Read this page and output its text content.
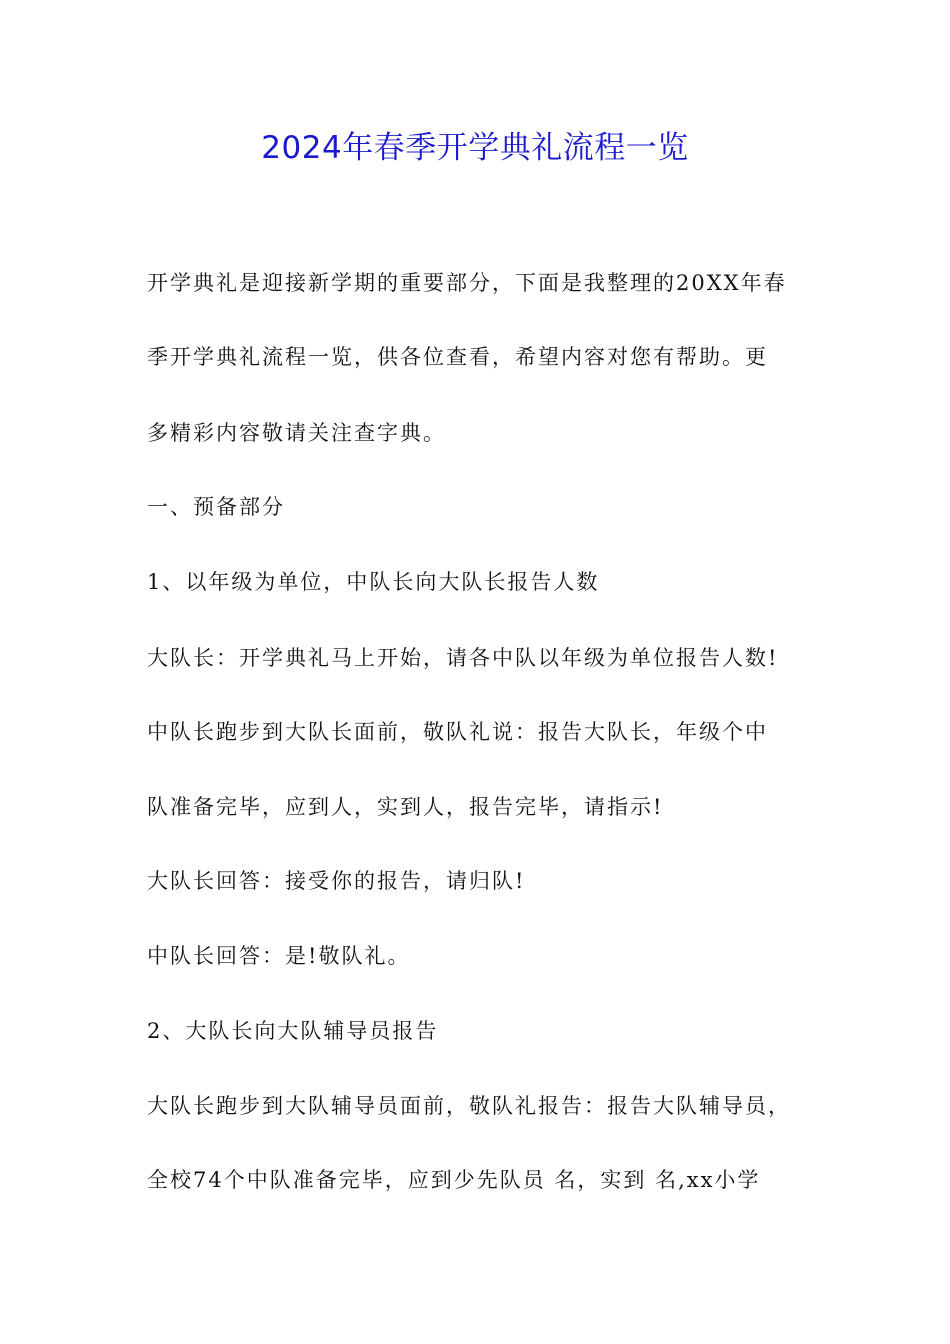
2024年春季开学典礼流程一览
开学典礼是迎接新学期的重要部分，下面是我整理的20XX年春
季开学典礼流程一览，供各位查看，希望内容对您有帮助。更
多精彩内容敬请关注查字典。
一、预备部分
1、以年级为单位，中队长向大队长报告人数
大队长：开学典礼马上开始，请各中队以年级为单位报告人数!
中队长跑步到大队长面前，敬队礼说：报告大队长，年级个中
队准备完毕，应到人，实到人，报告完毕，请指示!
大队长回答：接受你的报告，请归队!
中队长回答：是!敬队礼。
2、大队长向大队辅导员报告
大队长跑步到大队辅导员面前，敬队礼报告：报告大队辅导员，
全校74个中队准备完毕，应到少先队员 名，实到 名,xx小学
